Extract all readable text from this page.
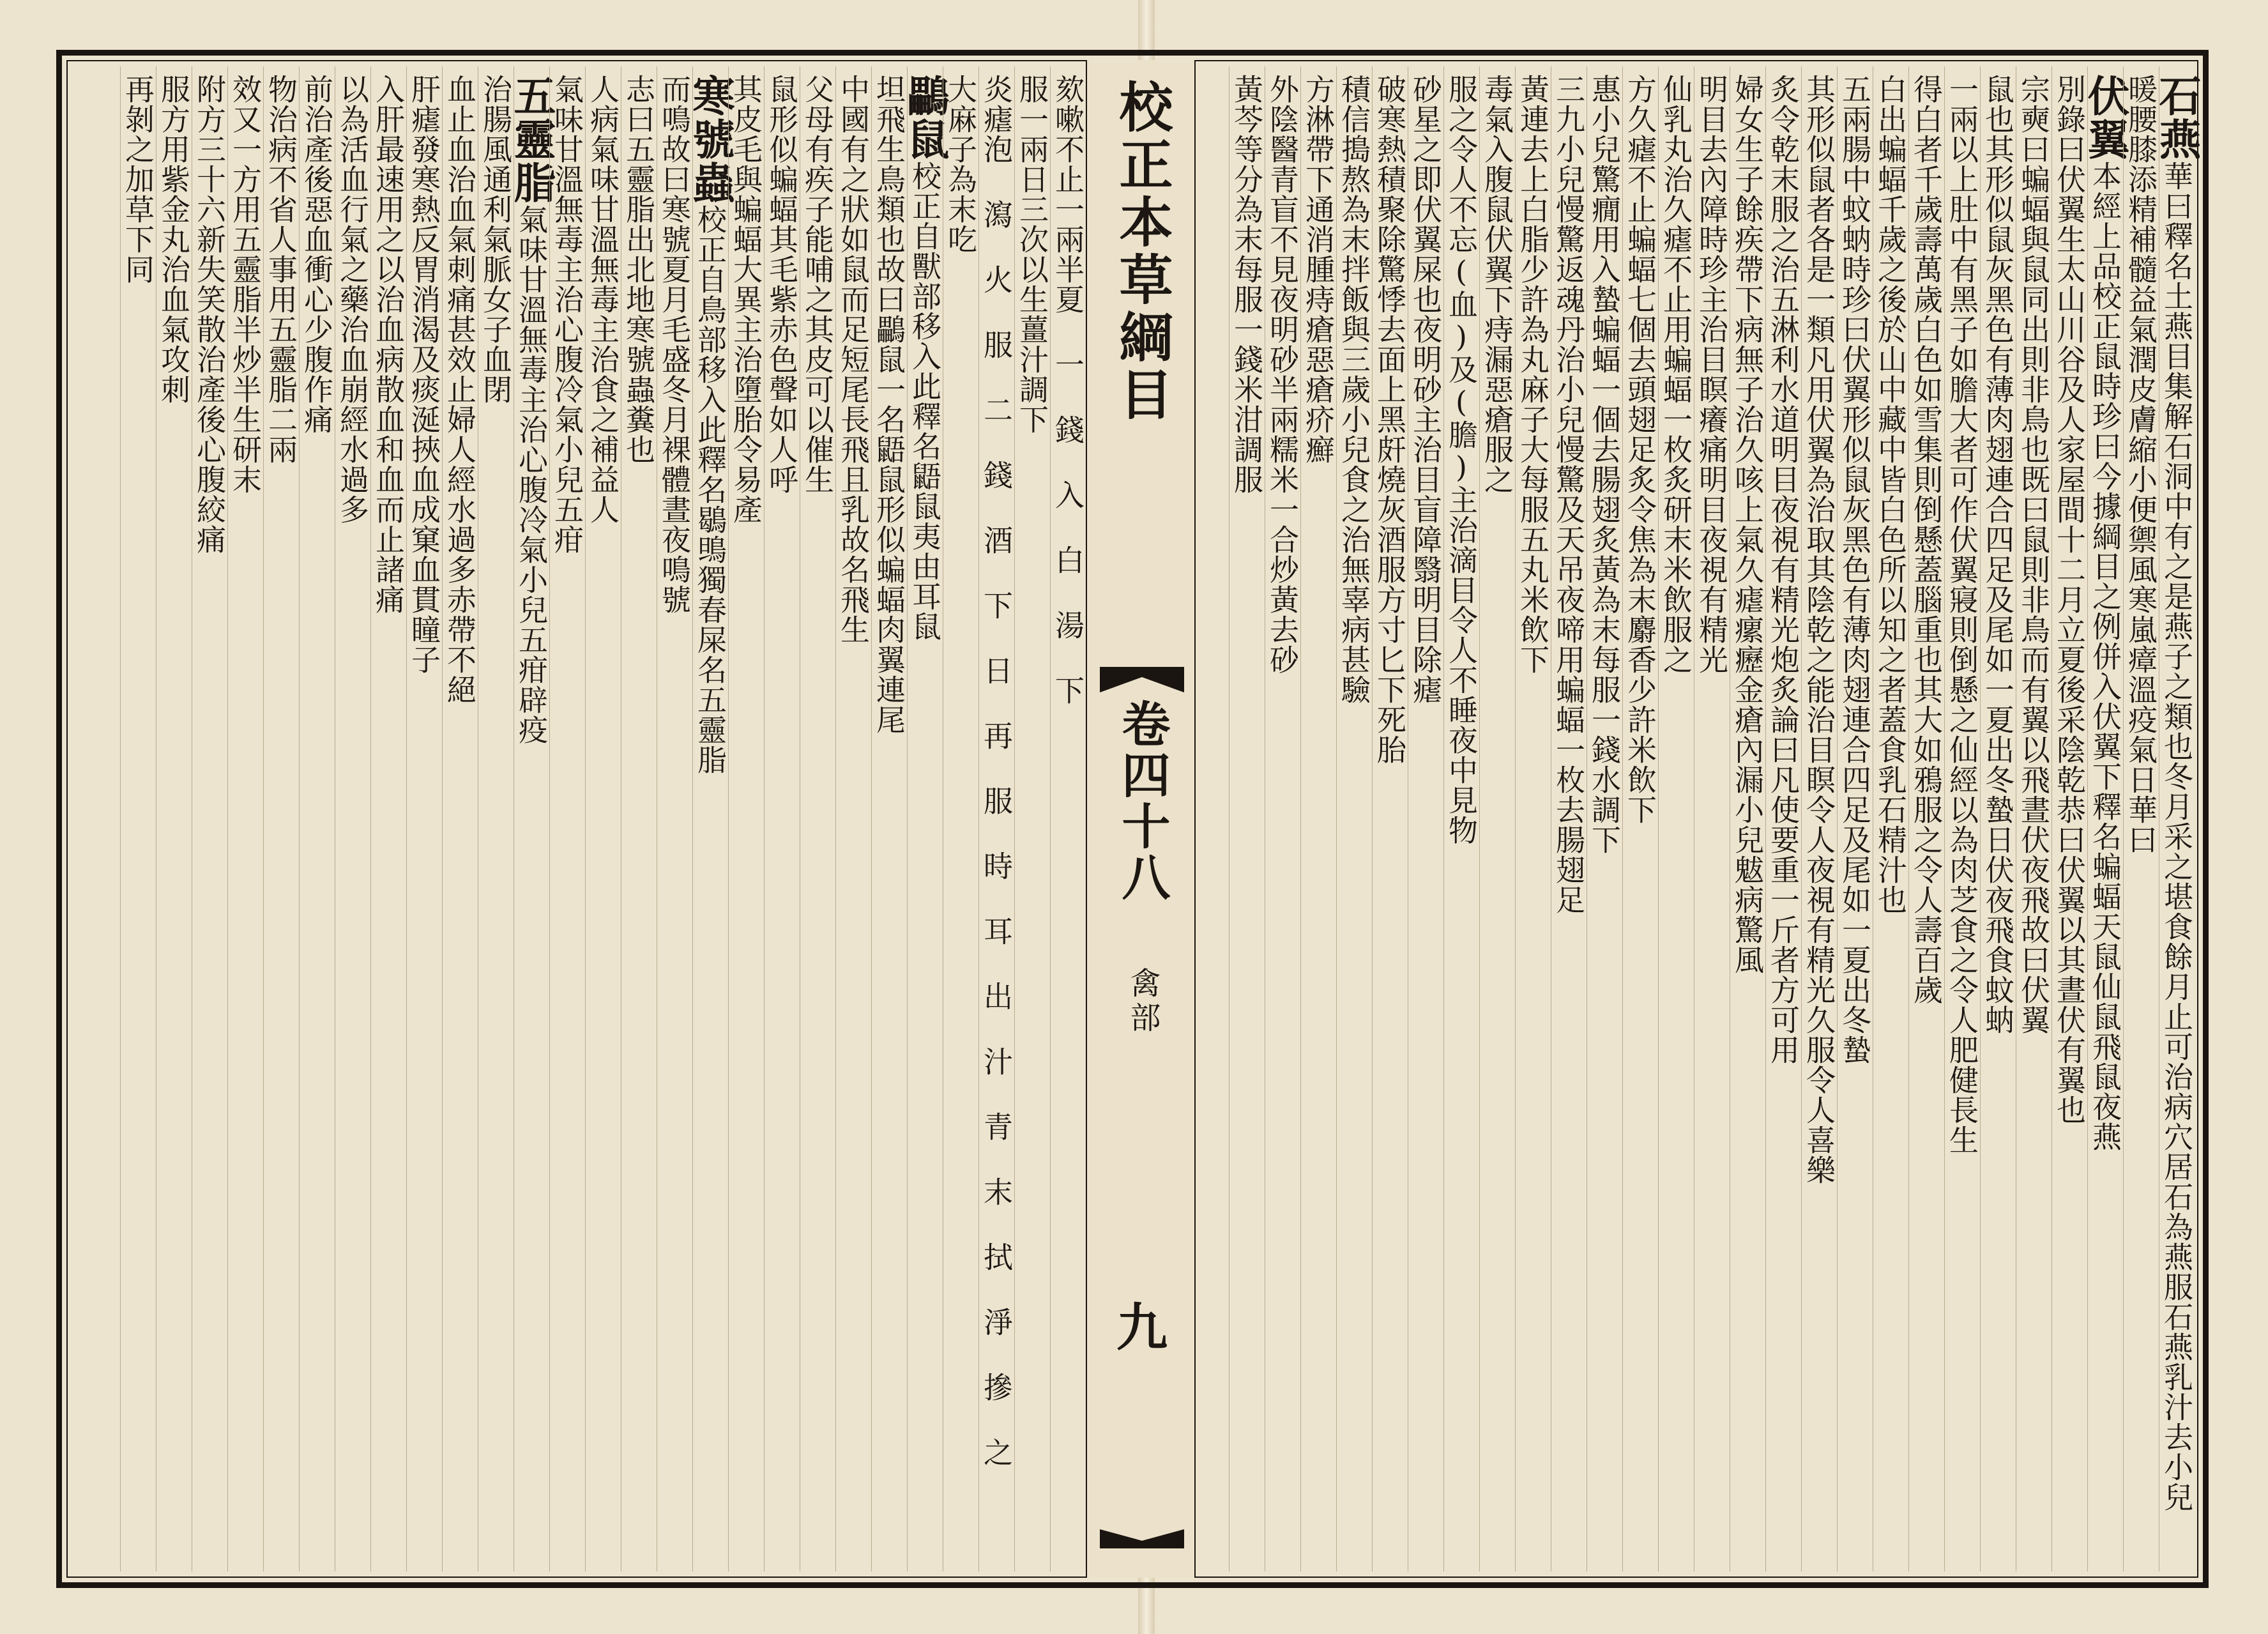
欬嗽不止一兩半夏 一 錢 入 白 湯 下
服一兩日三次以生薑汁調下
炎瘧泡 瀉 火 服 二 錢 酒 下 日 再 服 時 耳 出 汁 青 末 拭 淨 摻 之
大麻子為末吃
鸓鼠校正自獸部移入此釋名鼯鼠夷由耳鼠
坦飛生鳥類也故曰鸓鼠一名鼯鼠形似蝙蝠肉翼連尾
中國有之狀如鼠而足短尾長飛且乳故名飛生
父母有疾子能哺之其皮可以催生
鼠形似蝙蝠其毛紫赤色聲如人呼
其皮毛與蝙蝠大異主治墮胎令易產
寒號蟲校正自鳥部移入此釋名鶡鴠獨春屎名五靈脂
而鳴故曰寒號夏月毛盛冬月裸體晝夜鳴號
志曰五靈脂出北地寒號蟲糞也
人病氣味甘溫無毒主治食之補益人
氣味甘溫無毒主治心腹冷氣小兒五疳
五靈脂氣味甘溫無毒主治心腹冷氣小兒五疳辟疫
治腸風通利氣脈女子血閉
血止血治血氣刺痛甚效止婦人經水過多赤帶不絕
肝瘧發寒熱反胃消渴及痰涎挾血成窠血貫瞳子
入肝最速用之以治血病散血和血而止諸痛
以為活血行氣之藥治血崩經水過多
前治產後惡血衝心少腹作痛
物治病不省人事用五靈脂二兩
效又一方用五靈脂半炒半生研末
附方三十六新失笑散治產後心腹絞痛
服方用紫金丸治血氣攻刺
再剝之加草下同	校正本草綱目
卷四十八
禽部
九
石燕華曰釋名土燕目集解石洞中有之是燕子之類也冬月采之堪食餘月止可治病穴居石為燕服石燕乳汁去小兒
暖腰膝添精補髓益氣潤皮膚縮小便禦風寒嵐瘴溫疫氣日華曰
伏翼本經上品校正鼠時珍曰今據綱目之例併入伏翼下釋名蝙蝠天鼠仙鼠飛鼠夜燕
別錄曰伏翼生太山川谷及人家屋間十二月立夏後采陰乾恭曰伏翼以其晝伏有翼也
宗奭曰蝙蝠與鼠同出則非鳥也既曰鼠則非鳥而有翼以飛晝伏夜飛故曰伏翼
鼠也其形似鼠灰黑色有薄肉翅連合四足及尾如一夏出冬蟄日伏夜飛食蚊蚋
一兩以上肚中有黑子如膽大者可作伏翼寢則倒懸之仙經以為肉芝食之令人肥健長生
得白者千歲壽萬歲白色如雪集則倒懸蓋腦重也其大如鴉服之令人壽百歲
白出蝙蝠千歲之後於山中藏中皆白色所以知之者蓋食乳石精汁也
五兩腸中蚊蚋時珍曰伏翼形似鼠灰黑色有薄肉翅連合四足及尾如一夏出冬蟄
其形似鼠者各是一類凡用伏翼為治取其陰乾之能治目瞑令人夜視有精光久服令人喜樂
炙令乾末服之治五淋利水道明目夜視有精光炮炙論曰凡使要重一斤者方可用
婦女生子餘疾帶下病無子治久咳上氣久瘧瘰癧金瘡內漏小兒魃病驚風
明目去內障時珍主治目瞑癢痛明目夜視有精光
仙乳丸治久瘧不止用蝙蝠一枚炙研末米飲服之
方久瘧不止蝙蝠七個去頭翅足炙令焦為末麝香少許米飲下
惠小兒驚癇用入蟄蝙蝠一個去腸翅炙黃為末每服一錢水調下
三九小兒慢驚返魂丹治小兒慢驚及天吊夜啼用蝙蝠一枚去腸翅足
黃連去上白脂少許為丸麻子大每服五丸米飲下
毒氣入腹鼠伏翼下痔漏惡瘡服之
服之令人不忘(血)及(膽)主治滴目令人不睡夜中見物
砂星之即伏翼屎也夜明砂主治目盲障翳明目除瘧
破寒熱積聚除驚悸去面上黑皯燒灰酒服方寸匕下死胎
積信搗熬為末拌飯與三歲小兒食之治無辜病甚驗
方淋帶下通消腫痔瘡惡瘡疥癬
外陰醫青盲不見夜明砂半兩糯米一合炒黃去砂
黃芩等分為末每服一錢米泔調服
